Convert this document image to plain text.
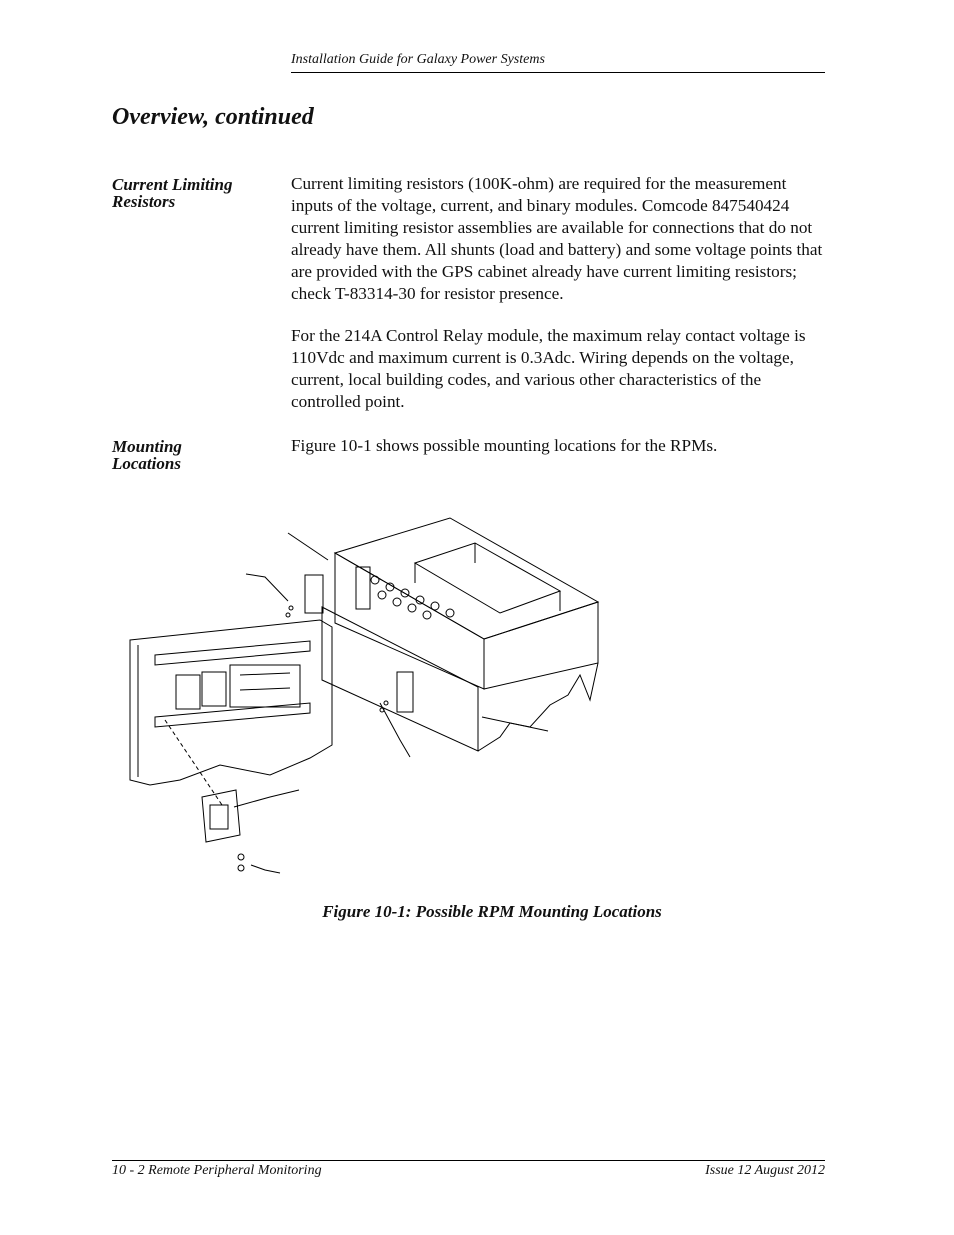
Installation Guide for Galaxy Power Systems
Overview, continued
Current Limiting
Resistors

Current limiting resistors (100K-ohm) are required for the measurement inputs of the voltage, current, and binary modules. Comcode 847540424 current limiting resistor assemblies are available for connections that do not already have them. All shunts (load and battery) and some voltage points that are provided with the GPS cabinet already have current limiting resistors; check T-83314-30 for resistor presence.

For the 214A Control Relay module, the maximum relay contact voltage is 110Vdc and maximum current is 0.3Adc. Wiring depends on the voltage, current, local building codes, and various other characteristics of the controlled point.

Mounting
Locations

Figure 10-1 shows possible mounting locations for the RPMs.

Figure 10-1: Possible RPM Mounting Locations
10 - 2 Remote Peripheral Monitoring	Issue 12 August 2012
